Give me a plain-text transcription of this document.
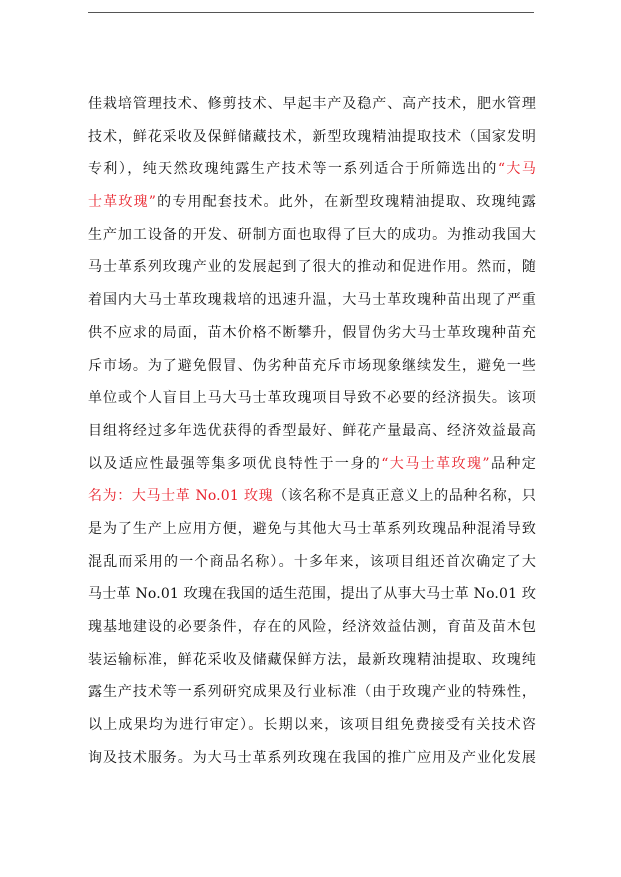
佳栽培管理技术、修剪技术、早起丰产及稳产、高产技术，肥水管理
技术，鲜花采收及保鲜储藏技术，新型玫瑰精油提取技术（国家发明
专利），纯天然玫瑰纯露生产技术等一系列适合于所筛选出的“大马
士革玫瑰”的专用配套技术。此外，在新型玫瑰精油提取、玫瑰纯露
生产加工设备的开发、研制方面也取得了巨大的成功。为推动我国大
马士革系列玫瑰产业的发展起到了很大的推动和促进作用。然而，随
着国内大马士革玫瑰栽培的迅速升温，大马士革玫瑰种苗出现了严重
供不应求的局面，苗木价格不断攀升，假冒伪劣大马士革玫瑰种苗充
斥市场。为了避免假冒、伪劣种苗充斥市场现象继续发生，避免一些
单位或个人盲目上马大马士革玫瑰项目导致不必要的经济损失。该项
目组将经过多年选优获得的香型最好、鲜花产量最高、经济效益最高
以及适应性最强等集多项优良特性于一身的“大马士革玫瑰”品种定
名为：大马士革 No.01 玫瑰（该名称不是真正意义上的品种名称，只
是为了生产上应用方便，避免与其他大马士革系列玫瑰品种混淆导致
混乱而采用的一个商品名称）。十多年来，该项目组还首次确定了大
马士革 No.01 玫瑰在我国的适生范围，提出了从事大马士革 No.01 玫
瑰基地建设的必要条件，存在的风险，经济效益估测，育苗及苗木包
装运输标准，鲜花采收及储藏保鲜方法，最新玫瑰精油提取、玫瑰纯
露生产技术等一系列研究成果及行业标准（由于玫瑰产业的特殊性，
以上成果均为进行审定）。长期以来，该项目组免费接受有关技术咨
询及技术服务。为大马士革系列玫瑰在我国的推广应用及产业化发展
